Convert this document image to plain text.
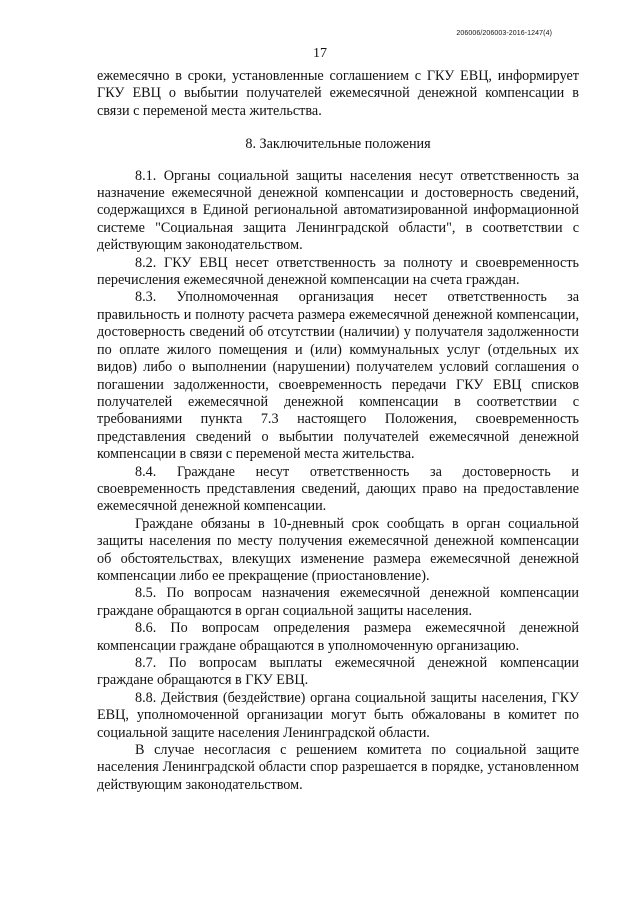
206006/206003-2016-1247(4)
17

ежемесячно в сроки, установленные соглашением с ГКУ ЕВЦ, информирует ГКУ ЕВЦ о выбытии получателей ежемесячной денежной компенсации в связи с переменой места жительства.

8. Заключительные положения

8.1. Органы социальной защиты населения несут ответственность за назначение ежемесячной денежной компенсации и достоверность сведений, содержащихся в Единой региональной автоматизированной информационной системе "Социальная защита Ленинградской области", в соответствии с действующим законодательством.

8.2. ГКУ ЕВЦ несет ответственность за полноту и своевременность перечисления ежемесячной денежной компенсации на счета граждан.

8.3. Уполномоченная организация несет ответственность за правильность и полноту расчета размера ежемесячной денежной компенсации, достоверность сведений об отсутствии (наличии) у получателя задолженности по оплате жилого помещения и (или) коммунальных услуг (отдельных их видов) либо о выполнении (нарушении) получателем условий соглашения о погашении задолженности, своевременность передачи ГКУ ЕВЦ списков получателей ежемесячной денежной компенсации в соответствии с требованиями пункта 7.3 настоящего Положения, своевременность представления сведений о выбытии получателей ежемесячной денежной компенсации в связи с переменой места жительства.

8.4. Граждане несут ответственность за достоверность и своевременность представления сведений, дающих право на предоставление ежемесячной денежной компенсации.

Граждане обязаны в 10-дневный срок сообщать в орган социальной защиты населения по месту получения ежемесячной денежной компенсации об обстоятельствах, влекущих изменение размера ежемесячной денежной компенсации либо ее прекращение (приостановление).

8.5. По вопросам назначения ежемесячной денежной компенсации граждане обращаются в орган социальной защиты населения.

8.6. По вопросам определения размера ежемесячной денежной компенсации граждане обращаются в уполномоченную организацию.

8.7. По вопросам выплаты ежемесячной денежной компенсации граждане обращаются в ГКУ ЕВЦ.

8.8. Действия (бездействие) органа социальной защиты населения, ГКУ ЕВЦ, уполномоченной организации могут быть обжалованы в комитет по социальной защите населения Ленинградской области.

В случае несогласия с решением комитета по социальной защите населения Ленинградской области спор разрешается в порядке, установленном действующим законодательством.
